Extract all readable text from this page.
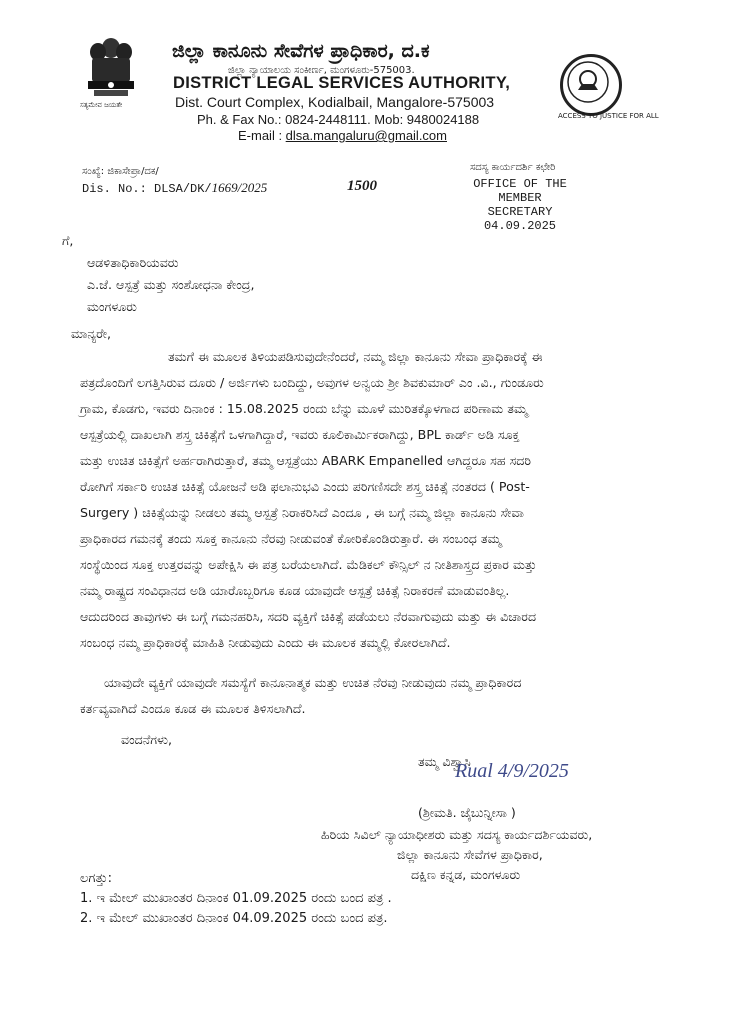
ಸತ್ಯಮೇವ ಜಯತೇ
ACCESS TO JUSTICE FOR ALL
ಜಿಲ್ಲಾ ಕಾನೂನು ಸೇವೆಗಳ ಪ್ರಾಧಿಕಾರ, ದ.ಕ
ಜಿಲ್ಲಾ ನ್ಯಾಯಾಲಯ ಸಂಕೀರ್ಣ, ಮಂಗಳೂರು-575003.
DISTRICT LEGAL SERVICES AUTHORITY,
Dist. Court Complex, Kodialbail, Mangalore-575003
Ph. & Fax No.: 0824-2448111. Mob: 9480024188
E-mail : dlsa.mangaluru@gmail.com
ಸಂಖ್ಯೆ: ಜಿಕಾಸೇಪ್ರಾ/ದಕ/
Dis. No.: DLSA/DK/1669/2025	1500
ಸದಸ್ಯ ಕಾರ್ಯದರ್ಶಿ ಕಛೇರಿ
OFFICE OF THE MEMBER
SECRETARY
04.09.2025
ಗೆ,
ಆಡಳಿತಾಧಿಕಾರಿಯವರು
ಎ.ಜೆ. ಆಸ್ಪತ್ರೆ ಮತ್ತು ಸಂಶೋಧನಾ ಕೇಂದ್ರ,
ಮಂಗಳೂರು
ಮಾನ್ಯರೇ,
ತಮಗೆ ಈ ಮೂಲಕ ತಿಳಿಯಪಡಿಸುವುದೇನೆಂದರೆ, ನಮ್ಮ ಜಿಲ್ಲಾ ಕಾನೂನು ಸೇವಾ ಪ್ರಾಧಿಕಾರಕ್ಕೆ ಈ
ಪತ್ರದೊಂದಿಗೆ ಲಗತ್ತಿಸಿರುವ ದೂರು / ಅರ್ಜಿಗಳು ಬಂದಿದ್ದು, ಅವುಗಳ ಅನ್ವಯ ಶ್ರೀ ಶಿವಕುಮಾರ್ ಎಂ .ವಿ., ಗುಂಡೂರು
ಗ್ರಾಮ, ಕೊಡಗು, ಇವರು ದಿನಾಂಕ : 15.08.2025 ರಂದು ಬೆನ್ನು ಮೂಳೆ ಮುರಿತಕ್ಕೊಳಗಾದ ಪರಿಣಾಮ ತಮ್ಮ
ಆಸ್ಪತ್ರೆಯಲ್ಲಿ ದಾಖಲಾಗಿ ಶಸ್ತ್ರ ಚಿಕಿತ್ಸೆಗೆ ಒಳಗಾಗಿದ್ದಾರೆ, ಇವರು ಕೂಲಿಕಾರ್ಮಿಕರಾಗಿದ್ದು, BPL ಕಾರ್ಡ್ ಅಡಿ ಸೂಕ್ತ
ಮತ್ತು ಉಚಿತ ಚಿಕಿತ್ಸೆಗೆ ಅರ್ಹರಾಗಿರುತ್ತಾರೆ, ತಮ್ಮ ಆಸ್ಪತ್ರೆಯು ABARK Empanelled ಆಗಿದ್ದರೂ ಸಹ ಸದರಿ
ರೋಗಿಗೆ ಸರ್ಕಾರಿ ಉಚಿತ ಚಿಕಿತ್ಸೆ ಯೋಜನೆ ಅಡಿ ಫಲಾನುಭವಿ ಎಂದು ಪರಿಗಣಿಸದೇ ಶಸ್ತ್ರ ಚಿಕಿತ್ಸೆ ನಂತರದ ( Post-
Surgery ) ಚಿಕಿತ್ಸೆಯನ್ನು ನೀಡಲು ತಮ್ಮ ಆಸ್ಪತ್ರೆ ನಿರಾಕರಿಸಿದೆ ಎಂದೂ , ಈ ಬಗ್ಗೆ ನಮ್ಮ ಜಿಲ್ಲಾ ಕಾನೂನು ಸೇವಾ
ಪ್ರಾಧಿಕಾರದ ಗಮನಕ್ಕೆ ತಂದು ಸೂಕ್ತ ಕಾನೂನು ನೆರವು ನೀಡುವಂತೆ ಕೋರಿಕೊಂಡಿರುತ್ತಾರೆ. ಈ ಸಂಬಂಧ ತಮ್ಮ
ಸಂಸ್ಥೆಯಿಂದ ಸೂಕ್ತ ಉತ್ತರವನ್ನು ಅಪೇಕ್ಷಿಸಿ ಈ ಪತ್ರ ಬರೆಯಲಾಗಿದೆ. ಮೆಡಿಕಲ್ ಕೌನ್ಸಿಲ್ ನ ನೀತಿಶಾಸ್ತ್ರದ ಪ್ರಕಾರ ಮತ್ತು
ನಮ್ಮ ರಾಷ್ಟ್ರದ ಸಂವಿಧಾನದ ಅಡಿ ಯಾರೊಬ್ಬರಿಗೂ ಕೂಡ ಯಾವುದೇ ಆಸ್ಪತ್ರೆ ಚಿಕಿತ್ಸೆ ನಿರಾಕರಣೆ ಮಾಡುವಂತಿಲ್ಲ.
ಆದುದರಿಂದ ತಾವುಗಳು ಈ ಬಗ್ಗೆ ಗಮನಹರಿಸಿ, ಸದರಿ ವ್ಯಕ್ತಿಗೆ ಚಿಕಿತ್ಸೆ ಪಡೆಯಲು ನೆರವಾಗುವುದು ಮತ್ತು ಈ ವಿಚಾರದ
ಸಂಬಂಧ ನಮ್ಮ ಪ್ರಾಧಿಕಾರಕ್ಕೆ ಮಾಹಿತಿ ನೀಡುವುದು ಎಂದು ಈ ಮೂಲಕ ತಮ್ಮಲ್ಲಿ ಕೋರಲಾಗಿದೆ.
ಯಾವುದೇ ವ್ಯಕ್ತಿಗೆ ಯಾವುದೇ ಸಮಸ್ಯೆಗೆ ಕಾನೂನಾತ್ಮಕ ಮತ್ತು ಉಚಿತ ನೆರವು ನೀಡುವುದು ನಮ್ಮ ಪ್ರಾಧಿಕಾರದ
ಕರ್ತವ್ಯವಾಗಿದೆ ಎಂದೂ ಕೂಡ ಈ ಮೂಲಕ ತಿಳಿಸಲಾಗಿದೆ.
ವಂದನೆಗಳು,
ತಮ್ಮ ವಿಶ್ವಾಸಿ
Rual 4/9/2025
(ಶ್ರೀಮತಿ. ಜೈಬುನ್ನೀಸಾ )
ಹಿರಿಯ ಸಿವಿಲ್ ನ್ಯಾಯಾಧೀಶರು ಮತ್ತು ಸದಸ್ಯ ಕಾರ್ಯದರ್ಶಿಯವರು,
ಜಿಲ್ಲಾ ಕಾನೂನು ಸೇವೆಗಳ ಪ್ರಾಧಿಕಾರ,
ದಕ್ಷಿಣ ಕನ್ನಡ, ಮಂಗಳೂರು
ಲಗತ್ತು:
1. ಇ ಮೇಲ್ ಮುಖಾಂತರ ದಿನಾಂಕ 01.09.2025 ರಂದು ಬಂದ ಪತ್ರ .
2. ಇ ಮೇಲ್ ಮುಖಾಂತರ ದಿನಾಂಕ 04.09.2025 ರಂದು ಬಂದ ಪತ್ರ.
